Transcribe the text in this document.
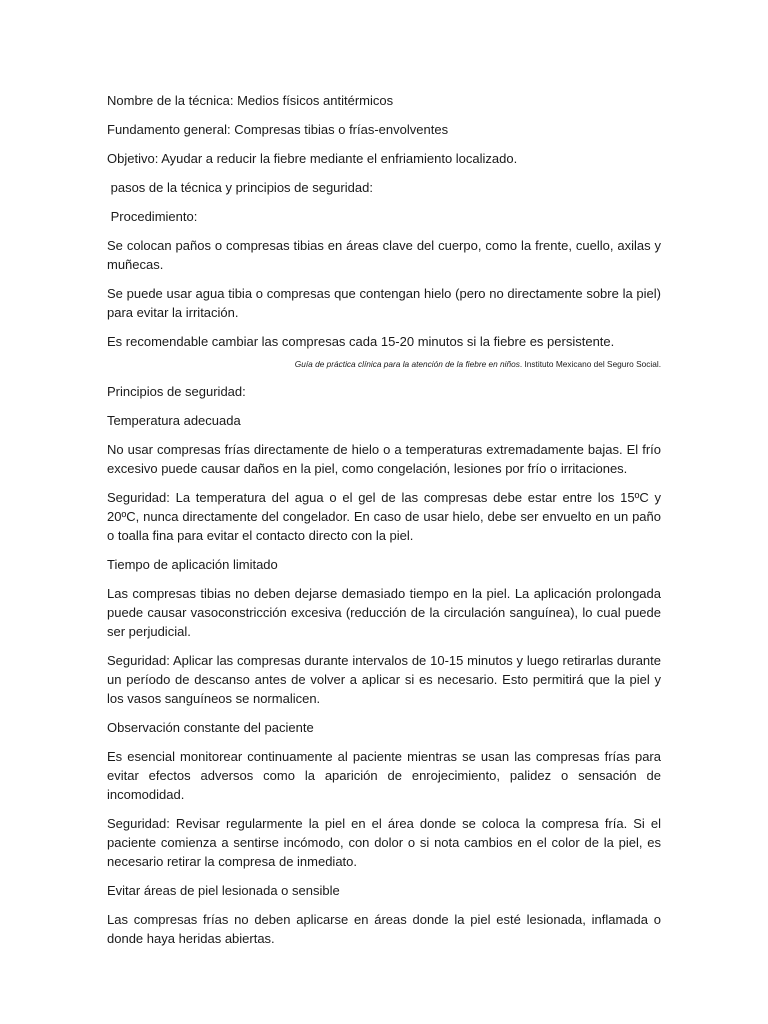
Nombre de la técnica: Medios físicos antitérmicos

Fundamento general: Compresas tibias o frías-envolventes

Objetivo: Ayudar a reducir la fiebre mediante el enfriamiento localizado.

pasos de la técnica y principios de seguridad:

Procedimiento:

Se colocan paños o compresas tibias en áreas clave del cuerpo, como la frente, cuello, axilas y muñecas.

Se puede usar agua tibia o compresas que contengan hielo (pero no directamente sobre la piel) para evitar la irritación.

Es recomendable cambiar las compresas cada 15-20 minutos si la fiebre es persistente.

Guía de práctica clínica para la atención de la fiebre en niños. Instituto Mexicano del Seguro Social.

Principios de seguridad:

Temperatura adecuada

No usar compresas frías directamente de hielo o a temperaturas extremadamente bajas. El frío excesivo puede causar daños en la piel, como congelación, lesiones por frío o irritaciones.

Seguridad: La temperatura del agua o el gel de las compresas debe estar entre los 15ºC y 20ºC, nunca directamente del congelador. En caso de usar hielo, debe ser envuelto en un paño o toalla fina para evitar el contacto directo con la piel.

Tiempo de aplicación limitado

Las compresas tibias no deben dejarse demasiado tiempo en la piel. La aplicación prolongada puede causar vasoconstricción excesiva (reducción de la circulación sanguínea), lo cual puede ser perjudicial.

Seguridad: Aplicar las compresas durante intervalos de 10-15 minutos y luego retirarlas durante un período de descanso antes de volver a aplicar si es necesario. Esto permitirá que la piel y los vasos sanguíneos se normalicen.

Observación constante del paciente

Es esencial monitorear continuamente al paciente mientras se usan las compresas frías para evitar efectos adversos como la aparición de enrojecimiento, palidez o sensación de incomodidad.

Seguridad: Revisar regularmente la piel en el área donde se coloca la compresa fría. Si el paciente comienza a sentirse incómodo, con dolor o si nota cambios en el color de la piel, es necesario retirar la compresa de inmediato.

Evitar áreas de piel lesionada o sensible

Las compresas frías no deben aplicarse en áreas donde la piel esté lesionada, inflamada o donde haya heridas abiertas.
